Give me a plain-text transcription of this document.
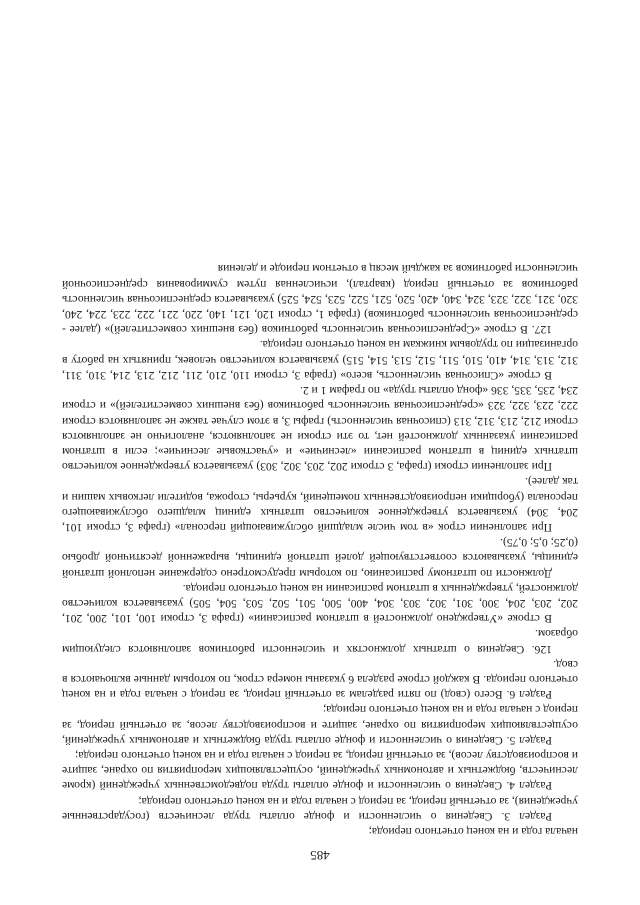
485

начала года и на конец отчетного периода;

Раздел 3. Сведения о численности и фонде оплаты труда лесничеств (государственные учреждения), за отчетный период, за период с начала года и на конец отчетного периода;

Раздел 4. Сведения о численности и фонде оплаты труда подведомственных учреждений (кроме лесничеств, бюджетных и автономных учреждений, осуществляющих мероприятия по охране, защите и воспроизводству лесов), за отчетный период, за период с начала года и на конец отчетного периода;

Раздел 5. Сведения о численности и фонде оплаты труда бюджетных и автономных учреждений, осуществляющих мероприятия по охране, защите и воспроизводству лесов, за отчетный период, за период с начала года и на конец отчетного периода;

Раздел 6. Всего (свод) по пяти разделам за отчетный период, за период с начала года и на конец отчетного периода. В каждой строке раздела 6 указаны номера строк, по которым данные включаются в свод.

126. Сведения о штатных должностях и численности работников заполняются следующим образом.

В строке «Утверждено должностей в штатном расписании» (графа 3, строки 100, 101, 200, 201, 202, 203, 204, 300, 301, 302, 303, 304, 400, 500, 501, 502, 503, 504, 505) указывается количество должностей, утвержденных в штатном расписании на конец отчетного периода.

Должности по штатному расписанию, по которым предусмотрено содержание неполной штатной единицы, указываются соответствующей долей штатной единицы, выраженной десятичной дробью (0,25; 0,5; 0,75).

При заполнении строк «в том числе младший обслуживающий персонал» (графа 3, строки 101, 204, 304) указывается утвержденное количество штатных единиц младшего обслуживающего персонала (уборщики непроизводственных помещений, курьеры, сторожа, водители легковых машин и так далее).

При заполнении строки (графа, 3 строки 202, 203, 302, 303) указывается утвержденное количество штатных единиц в штатном расписании «лесничие» и «участковые лесничие»; если в штатном расписании указанных должностей нет, то эти строки не заполняются, аналогично не заполняются строки 212, 213, 312, 313 (списочная численность) графы 3, в этом случае также не заполняются строки 222, 223, 322, 323 «среднесписочная численность работников (без внешних совместителей)» и строки 234, 235, 335, 336 «фонд оплаты труда» по графам 1 и 2.

В строке «Списочная численность, всего» (графа 3, строки 110, 210, 211, 212, 213, 214, 310, 311, 312, 313, 314, 410, 510, 511, 512, 513, 514, 515) указывается количество человек, принятых на работу в организации по трудовым книжкам на конец отчетного периода.

127. В строке «Среднесписочная численность работников (без внешних совместителей)» (далее - среднесписочная численность работников) (графа 1, строки 120, 121, 140, 220, 221, 222, 223, 224, 240, 320, 321, 322, 323, 324, 340, 420, 520, 521, 522, 523, 524, 525) указывается среднесписочная численность работников за отчетный период (квартал), исчисленная путем суммирования среднесписочной численности работников за каждый месяц в отчетном периоде и деления
